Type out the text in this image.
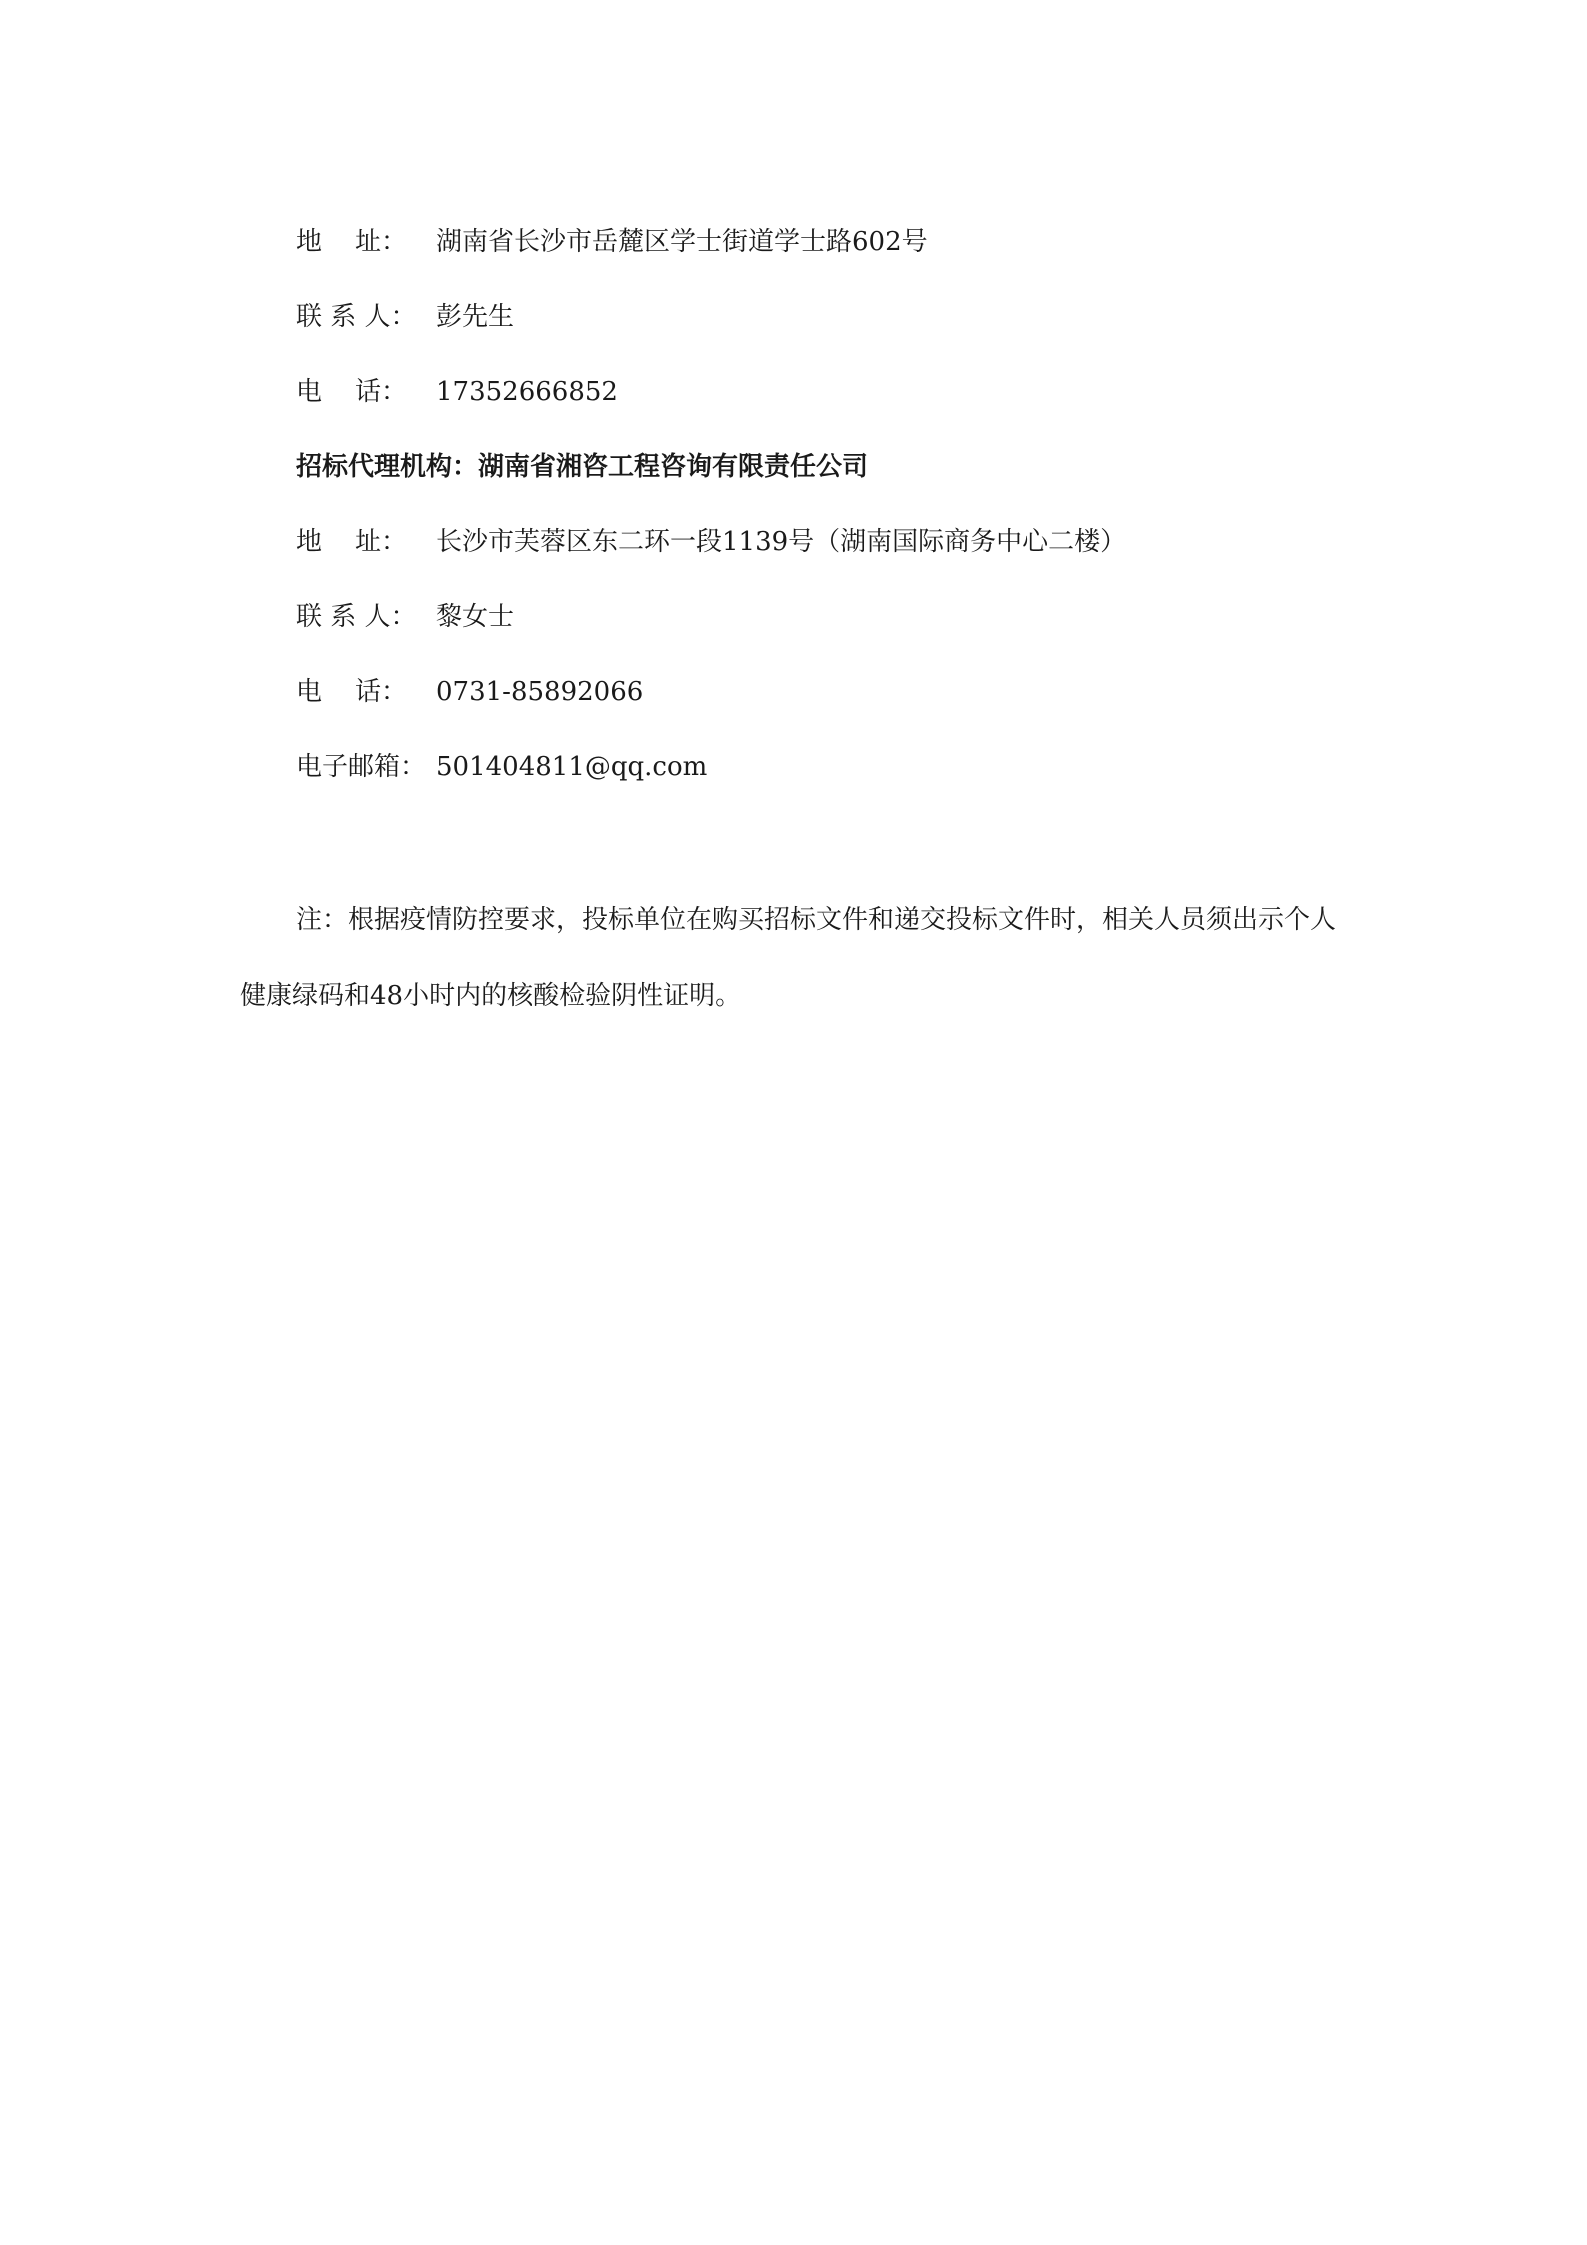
地    址： 湖南省长沙市岳麓区学士街道学士路602号
联 系 人： 彭先生
电    话： 17352666852
招标代理机构：湖南省湘咨工程咨询有限责任公司
地    址： 长沙市芙蓉区东二环一段1139号（湖南国际商务中心二楼）
联 系 人： 黎女士
电    话： 0731-85892066
电子邮箱： 501404811@qq.com
注：根据疫情防控要求，投标单位在购买招标文件和递交投标文件时，相关人员须出示个人健康绿码和48小时内的核酸检验阴性证明。
